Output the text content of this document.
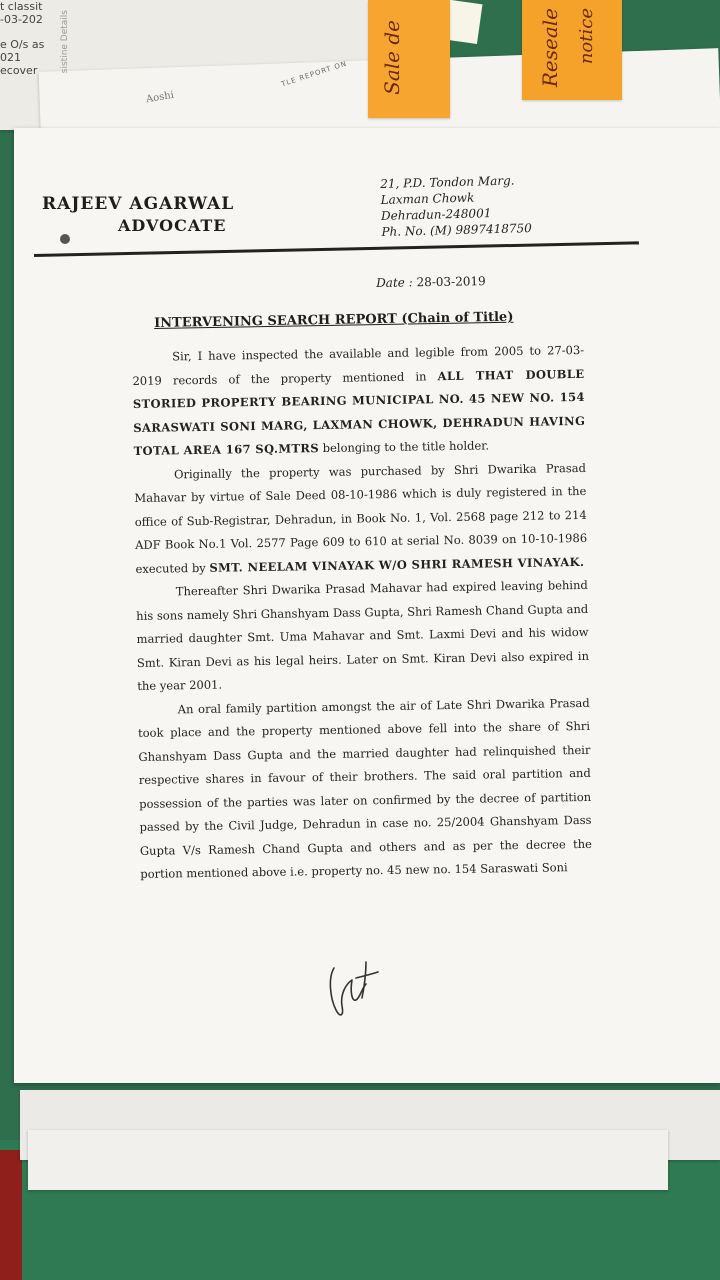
t classit
-03-202
e O/s as
021
ecover	sistine Details
TLE REPORT ON
Aoshi
Sale de	Reseale notice
RAJEEV AGARWAL
ADVOCATE
21, P.D. Tondon Marg.
Laxman Chowk
Dehradun-248001
Ph. No. (M) 9897418750
Date : 28-03-2019
INTERVENING SEARCH REPORT (Chain of Title)

Sir, I have inspected the available and legible from 2005 to 27-03-2019 records of the property mentioned in ALL THAT DOUBLE STORIED PROPERTY BEARING MUNICIPAL NO. 45 NEW NO. 154 SARASWATI SONI MARG, LAXMAN CHOWK, DEHRADUN HAVING TOTAL AREA 167 SQ.MTRS belonging to the title holder.

Originally the property was purchased by Shri Dwarika Prasad Mahavar by virtue of Sale Deed 08-10-1986 which is duly registered in the office of Sub-Registrar, Dehradun, in Book No. 1, Vol. 2568 page 212 to 214 ADF Book No.1 Vol. 2577 Page 609 to 610 at serial No. 8039 on 10-10-1986 executed by SMT. NEELAM VINAYAK W/O SHRI RAMESH VINAYAK.

Thereafter Shri Dwarika Prasad Mahavar had expired leaving behind his sons namely Shri Ghanshyam Dass Gupta, Shri Ramesh Chand Gupta and married daughter Smt. Uma Mahavar and Smt. Laxmi Devi and his widow Smt. Kiran Devi as his legal heirs. Later on Smt. Kiran Devi also expired in the year 2001.

An oral family partition amongst the air of Late Shri Dwarika Prasad took place and the property mentioned above fell into the share of Shri Ghanshyam Dass Gupta and the married daughter had relinquished their respective shares in favour of their brothers. The said oral partition and possession of the parties was later on confirmed by the decree of partition passed by the Civil Judge, Dehradun in case no. 25/2004 Ghanshyam Dass Gupta V/s Ramesh Chand Gupta and others and as per the decree the portion mentioned above i.e. property no. 45 new no. 154 Saraswati Soni
